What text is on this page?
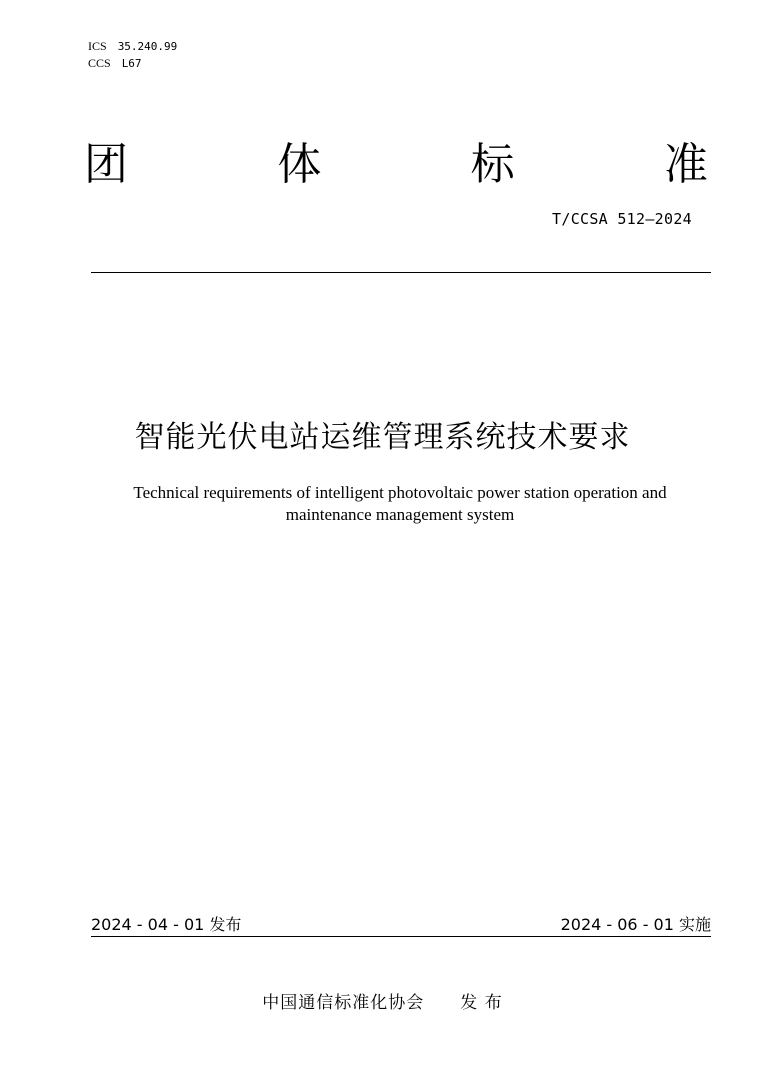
ICS 35.240.99
CCS L67
团	体	标	准
T/CCSA 512—2024
智能光伏电站运维管理系统技术要求
Technical requirements of intelligent photovoltaic power station operation and maintenance management system
2024 - 04 - 01 发布	2024 - 06 - 01 实施
中国通信标准化协会 发 布
